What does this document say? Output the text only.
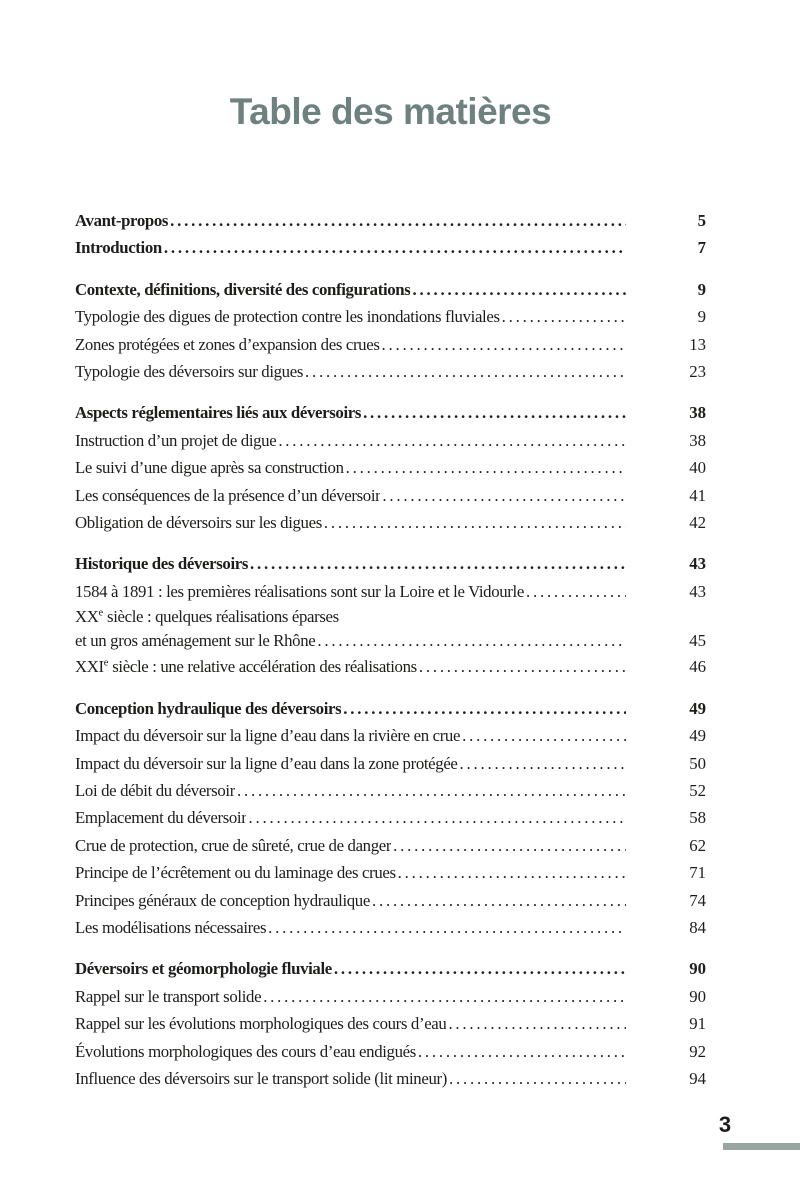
Table des matières
Avant-propos .....	5
Introduction .....	7
Contexte, définitions, diversité des configurations .....	9
Typologie des digues de protection contre les inondations fluviales .....	9
Zones protégées et zones d’expansion des crues .....	13
Typologie des déversoirs sur digues .....	23
Aspects réglementaires liés aux déversoirs .....	38
Instruction d’un projet de digue .....	38
Le suivi d’une digue après sa construction .....	40
Les conséquences de la présence d’un déversoir .....	41
Obligation de déversoirs sur les digues .....	42
Historique des déversoirs .....	43
1584 à 1891 : les premières réalisations sont sur la Loire et le Vidourle .....	43
XXe siècle : quelques réalisations éparses
et un gros aménagement sur le Rhône .....	45
XXIe siècle : une relative accélération des réalisations .....	46
Conception hydraulique des déversoirs .....	49
Impact du déversoir sur la ligne d’eau dans la rivière en crue .....	49
Impact du déversoir sur la ligne d’eau dans la zone protégée .....	50
Loi de débit du déversoir .....	52
Emplacement du déversoir .....	58
Crue de protection, crue de sûreté, crue de danger .....	62
Principe de l’écrêtement ou du laminage des crues .....	71
Principes généraux de conception hydraulique .....	74
Les modélisations nécessaires .....	84
Déversoirs et géomorphologie fluviale .....	90
Rappel sur le transport solide .....	90
Rappel sur les évolutions morphologiques des cours d’eau .....	91
Évolutions morphologiques des cours d’eau endigués .....	92
Influence des déversoirs sur le transport solide (lit mineur) .....	94
3
